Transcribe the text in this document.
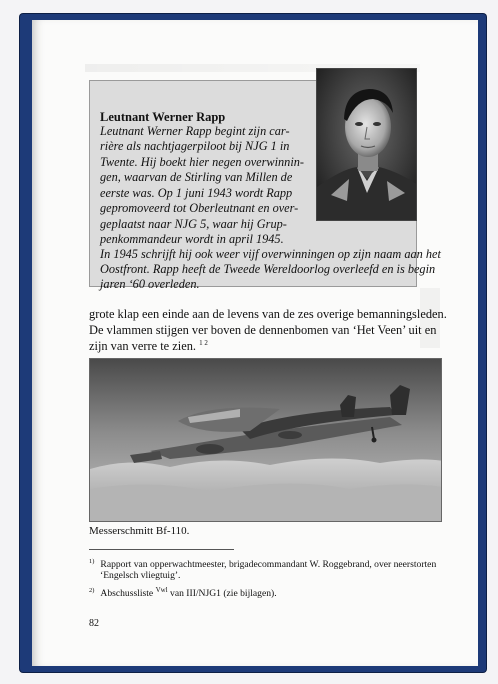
Leutnant Werner Rapp
Leutnant Werner Rapp begint zijn car-
rière als nachtjagerpiloot bij NJG 1 in
Twente. Hij boekt hier negen overwinnin-
gen, waarvan de Stirling van Millen de
eerste was. Op 1 juni 1943 wordt Rapp
gepromoveerd tot Oberleutnant en over-
geplaatst naar NJG 5, waar hij Grup-
penkommandeur wordt in april 1945.
In 1945 schrijft hij ook weer vijf overwinningen op zijn naam aan het
Oostfront. Rapp heeft de Tweede Wereldoorlog overleefd en is begin
jaren ‘60 overleden.
grote klap een einde aan de levens van de zes overige bemanningsleden.
De vlammen stijgen ver boven de dennenbomen van ‘Het Veen’ uit en
zijn van verre te zien. $^{1 2}$
Messerschmitt Bf-110.
$^{1)}$ Rapport van opperwachtmeester, brigadecommandant W. Roggebrand, over neerstorten
‘Engelsch vliegtuig’.
$^{2)}$ Abschussliste $^{Vwl}$ van III/NJG1 (zie bijlagen).
82
